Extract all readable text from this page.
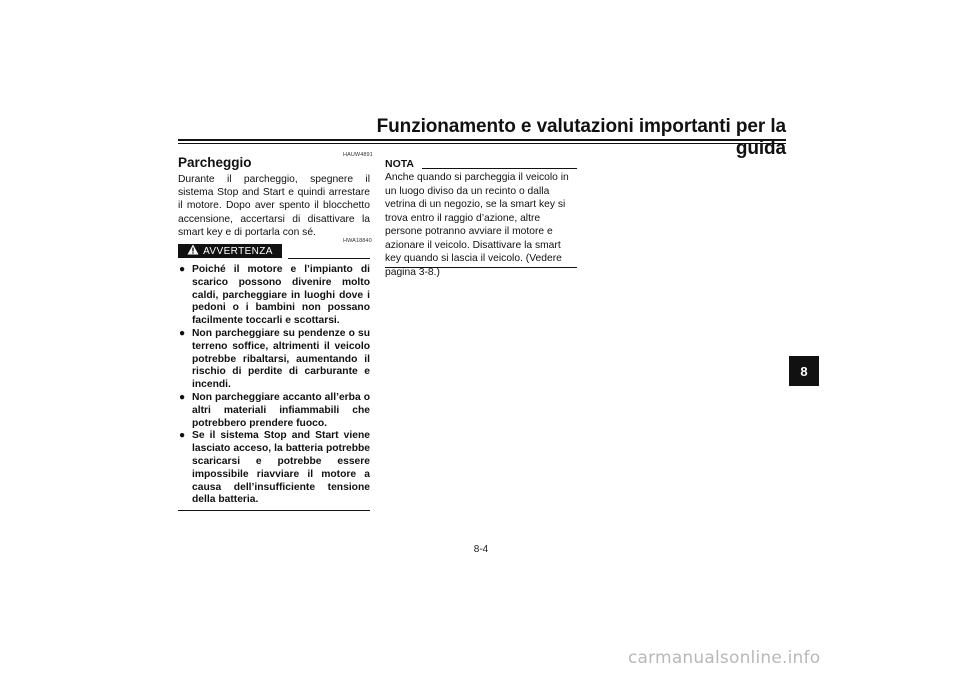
Funzionamento e valutazioni importanti per la guida
HAUW4891
Parcheggio
Durante il parcheggio, spegnere il sistema Stop and Start e quindi arrestare il motore. Dopo aver spento il blocchetto accensione, accertarsi di disattivare la smart key e di portarla con sé.
AVVERTENZA
HWA18840
● Poiché il motore e l’impianto di scarico possono divenire molto caldi, parcheggiare in luoghi dove i pedoni o i bambini non possano facilmente toccarli e scottarsi.
● Non parcheggiare su pendenze o su terreno soffice, altrimenti il veicolo potrebbe ribaltarsi, aumentando il rischio di perdite di carburante e incendi.
● Non parcheggiare accanto all’erba o altri materiali infiammabili che potrebbero prendere fuoco.
● Se il sistema Stop and Start viene lasciato acceso, la batteria potrebbe scaricarsi e potrebbe essere impossibile riavviare il motore a causa dell’insufficiente tensione della batteria.
NOTA
Anche quando si parcheggia il veicolo in un luogo diviso da un recinto o dalla vetrina di un negozio, se la smart key si trova entro il raggio d’azione, altre persone potranno avviare il motore e azionare il veicolo. Disattivare la smart key quando si lascia il veicolo. (Vedere pagina 3-8.)
8
8-4
carmanualsonline.info
